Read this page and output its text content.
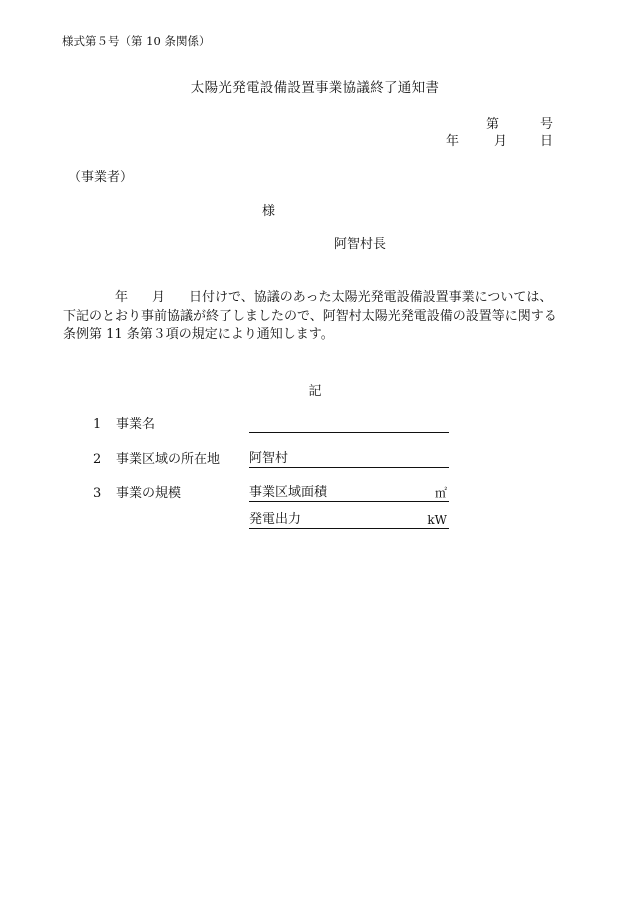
様式第５号（第 10 条関係）
太陽光発電設備設置事業協議終了通知書
第	号
年	月	日
（事業者）
様
阿智村長
年 月 日付けで、協議のあった太陽光発電設備設置事業については、
下記のとおり事前協議が終了しましたので、阿智村太陽光発電設備の設置等に関する
条例第 11 条第３項の規定により通知します。
記
1 事業名
2 事業区域の所在地 阿智村
3 事業の規模	事業区域面積	㎡
発電出力	kW
